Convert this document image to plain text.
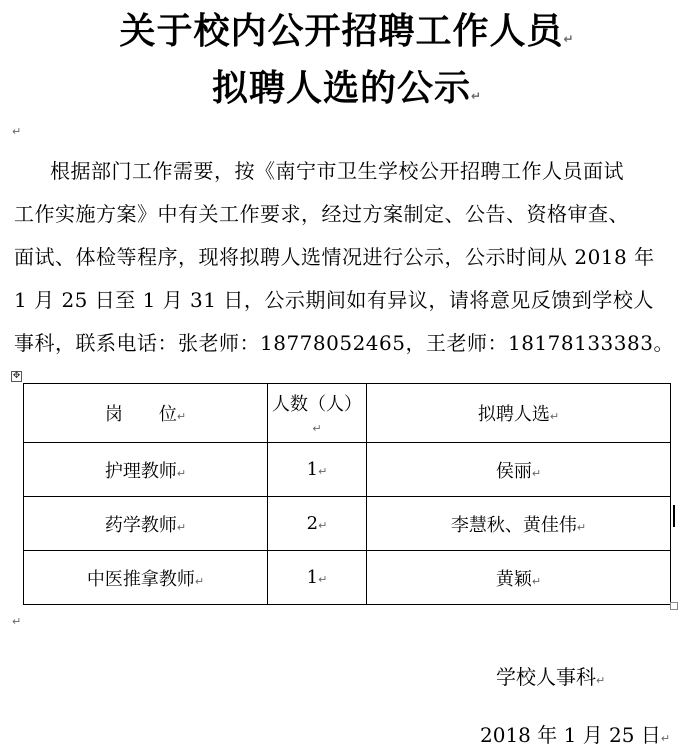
关于校内公开招聘工作人员↵
拟聘人选的公示↵
↵
根据部门工作需要，按《南宁市卫生学校公开招聘工作人员面试
工作实施方案》中有关工作要求，经过方案制定、公告、资格审查、
面试、体检等程序，现将拟聘人选情况进行公示，公示时间从 2018 年
1 月 25 日至 1 月 31 日，公示期间如有异议，请将意见反馈到学校人
事科，联系电话：张老师：18778052465，王老师：18178133383。
✥
岗　　位↵	人数（人）↵	拟聘人选↵
护理教师↵	1↵	侯丽↵
药学教师↵	2↵	李慧秋、黄佳伟↵
中医推拿教师↵	1↵	黄颖↵
↵
学校人事科↵
2018 年 1 月 25 日↵
